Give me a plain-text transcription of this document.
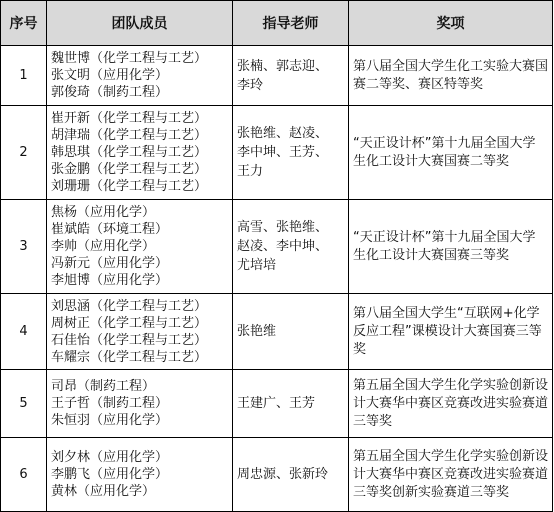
序号	团队成员	指导老师	奖项
1	魏世博（化学工程与工艺）
张文明（应用化学）
郭俊琦（制药工程）	张楠、郭志迎、
李玲	第八届全国大学生化工实验大赛国赛二等奖、赛区特等奖

2	崔开新（化学工程与工艺）
胡津瑞（化学工程与工艺）
韩思琪（化学工程与工艺）
张金鹏（化学工程与工艺）
刘珊珊（化学工程与工艺）	张艳维、赵凌、
李中坤、王芳、
王力	“天正设计杯”第十九届全国大学生化工设计大赛国赛二等奖

3	焦杨（应用化学）
崔斌皓（环境工程）
李帅（应用化学）
冯新元（应用化学）
李旭博（应用化学）	高雪、张艳维、
赵凌、李中坤、
尤培培	“天正设计杯”第十九届全国大学生化工设计大赛国赛三等奖

4	刘思涵（化学工程与工艺）
周树正（化学工程与工艺）
石佳怡（化学工程与工艺）
车耀宗（化学工程与工艺）	张艳维	第八届全国大学生“互联网+化学反应工程”课模设计大赛国赛三等奖

5	司昂（制药工程）
王子哲（制药工程）
朱恒羽（应用化学）	王建广、王芳	第五届全国大学生化学实验创新设计大赛华中赛区竞赛改进实验赛道三等奖

6	刘夕林（应用化学）
李鹏飞（应用化学）
黄林（应用化学）	周忠源、张新玲	第五届全国大学生化学实验创新设计大赛华中赛区竞赛改进实验赛道三等奖创新实验赛道三等奖
